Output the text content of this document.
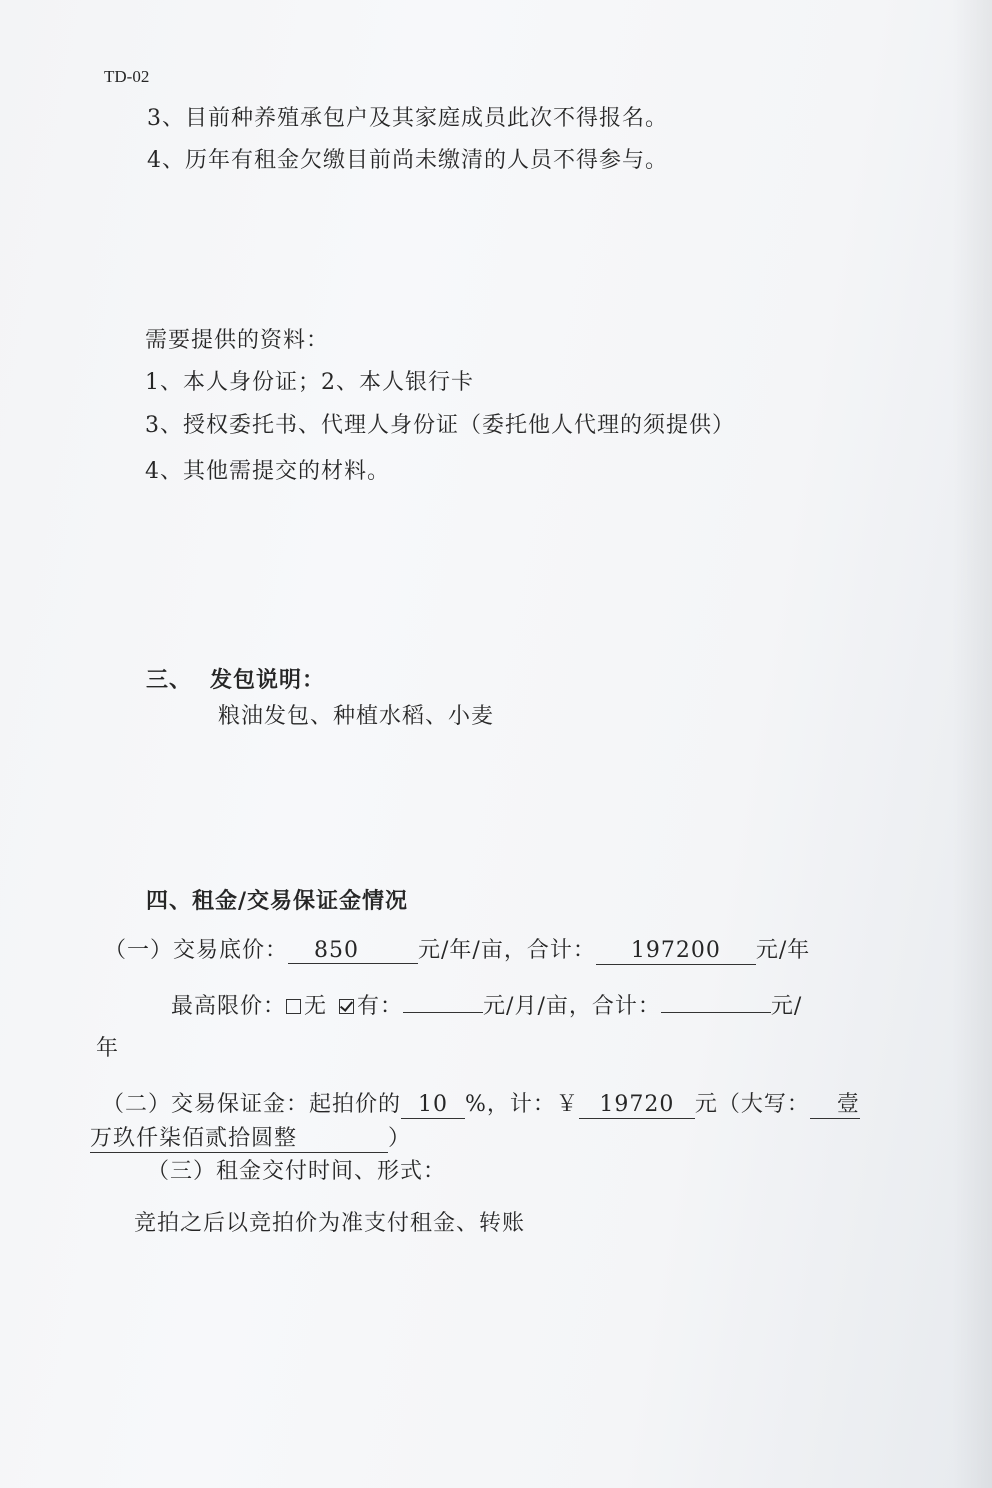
TD-02
3、目前种养殖承包户及其家庭成员此次不得报名。
4、历年有租金欠缴目前尚未缴清的人员不得参与。
需要提供的资料：
1、本人身份证；2、本人银行卡
3、授权委托书、代理人身份证（委托他人代理的须提供）
4、其他需提交的材料。
三、 发包说明：
粮油发包、种植水稻、小麦
四、租金/交易保证金情况
（一）交易底价： 850	元/年/亩，合计： 197200 元/年
最高限价： 无 有：	元/月/亩，合计：	元/
年
（二）交易保证金：起拍价的 10 %，计：￥ 19720 元（大写： 壹
万玖仟柒佰贰拾圆整	）
（三）租金交付时间、形式：
竞拍之后以竞拍价为准支付租金、转账
